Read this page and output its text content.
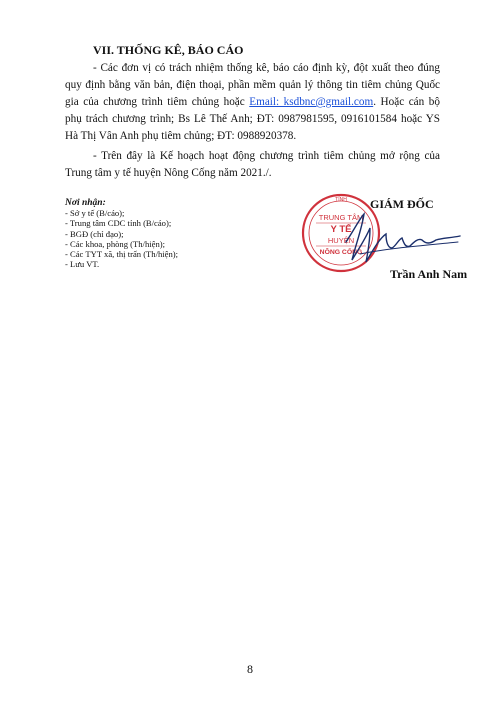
VII. THỐNG KÊ, BÁO CÁO

- Các đơn vị có trách nhiệm thống kê, báo cáo định kỳ, đột xuất theo đúng quy định bằng văn bản, điện thoại, phần mềm quản lý thông tin tiêm chủng Quốc gia của chương trình tiêm chủng hoặc Email: ksdbnc@gmail.com. Hoặc cán bộ phụ trách chương trình; Bs Lê Thế Anh; ĐT: 0987981595, 0916101584 hoặc YS Hà Thị Vân Anh phụ tiêm chủng; ĐT: 0988920378.

- Trên đây là Kế hoạch hoạt động chương trình tiêm chủng mở rộng của Trung tâm y tế huyện Nông Cống năm 2021./.

Nơi nhận:
- Sở y tế (B/cáo);
- Trung tâm CDC tỉnh (B/cáo);
- BGĐ (chỉ đạo);
- Các khoa, phòng (Th/hiện);
- Các TYT xã, thị trấn (Th/hiện);
- Lưu VT.
GIÁM ĐỐC
TỈNH
TRUNG TÂM
Y TẾ
HUYỆN
NÔNG CỐNG
Trần Anh Nam
8
